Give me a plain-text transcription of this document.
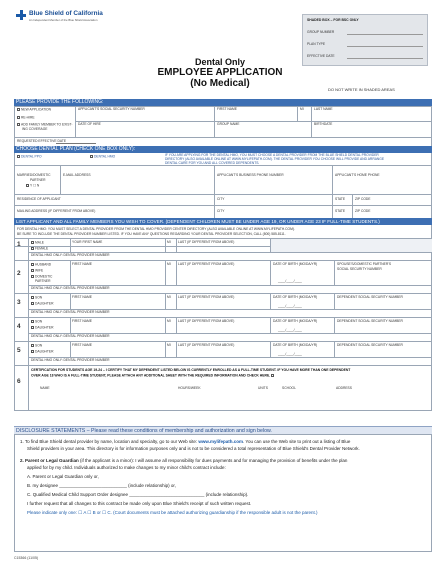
Blue Shield of California
An Independent Member of the Blue Shield Association	SHADED BOX – FOR BSC ONLY
GROUP NUMBER
PLAN TYPE
EFFECTIVE DATE
Dental Only
EMPLOYEE APPLICATION
(No Medical)
DO NOT WRITE IN SHADED AREAS
PLEASE PROVIDE THE FOLLOWING:
NEW APPLICATION
RE-HIRE
ADD FAMILY MEMBER TO EXIST-
ING COVERAGE
APPLICANT'S SOCIAL SECURITY NUMBER	FIRST NAME	MI	LAST NAME
DATE OF HIRE	GROUP NAME	BIRTHDATE
REQUESTED EFFECTIVE DATE
CHOOSE DENTAL PLAN (CHECK ONE BOX ONLY):
DENTAL PPO	DENTAL HMO	IF YOU ARE APPLYING FOR THE DENTAL HMO, YOU MUST CHOOSE A DENTAL PROVIDER FROM THE BLUE SHIELD DENTAL PROVIDER
DIRECTORY (ALSO AVAILABLE ONLINE AT WWW.MYLIFEPATH.COM). THE DENTAL PROVIDER YOU CHOOSE WILL PROVIDE AND ARRANGE
DENTAL CARE FOR YOU AND ALL COVERED DEPENDENTS.
MARRIED/DOMESTIC
PARTNER
Y ☐ N
E-MAIL ADDRESS	APPLICANT'S BUSINESS PHONE NUMBER	APPLICANT'S HOME PHONE
RESIDENCE OF APPLICANT	CITY	STATE	ZIP CODE
MAILING ADDRESS (IF DIFFERENT FROM ABOVE)	CITY	STATE	ZIP CODE
LIST APPLICANT AND ALL FAMILY MEMBERS YOU WISH TO COVER. (DEPENDENT CHILDREN MUST BE UNDER AGE 19, OR UNDER AGE 23 IF FULL-TIME STUDENTS.)
FOR DENTAL HMO: YOU MUST SELECT A DENTAL PROVIDER FROM THE DENTAL HMO PROVIDER CENTER DIRECTORY (ALSO AVAILABLE ONLINE AT WWW.MYLIFEPATH.COM).
BE SURE TO INCLUDE THE DENTAL PROVIDER NUMBER LISTED. IF YOU HAVE ANY QUESTIONS REGARDING YOUR DENTAL PROVIDER SELECTION, CALL (800) 585-8111.
1	MALE
FEMALE
YOUR FIRST NAME	MI LAST (IF DIFFERENT FROM ABOVE)
DENTAL HMO ONLY: DENTAL PROVIDER NUMBER
2
HUSBAND
WIFE
DOMESTIC
PARTNER
FIRST NAME	MI LAST (IF DIFFERENT FROM ABOVE)	DATE OF BIRTH (MO/DA/YR)
____/____/____
SPOUSE'S/DOMESTIC PARTNER'S
SOCIAL SECURITY NUMBER
DENTAL HMO ONLY: DENTAL PROVIDER NUMBER
3
SON
DAUGHTER
FIRST NAME	MI LAST (IF DIFFERENT FROM ABOVE)	DATE OF BIRTH (MO/DA/YR)
____/____/____
DEPENDENT SOCIAL SECURITY NUMBER
DENTAL HMO ONLY: DENTAL PROVIDER NUMBER
4
SON
DAUGHTER
FIRST NAME	MI LAST (IF DIFFERENT FROM ABOVE)	DATE OF BIRTH (MO/DA/YR)
____/____/____
DEPENDENT SOCIAL SECURITY NUMBER
DENTAL HMO ONLY: DENTAL PROVIDER NUMBER
5
SON
DAUGHTER
FIRST NAME	MI LAST (IF DIFFERENT FROM ABOVE)	DATE OF BIRTH (MO/DA/YR)
____/____/____
DEPENDENT SOCIAL SECURITY NUMBER
DENTAL HMO ONLY: DENTAL PROVIDER NUMBER
6
CERTIFICATION FOR STUDENTS AGE 19-24 – I CERTIFY THAT MY DEPENDENT LISTED BELOW IS CURRENTLY ENROLLED AS A FULL-TIME STUDENT. IF YOU HAVE MORE THAN ONE DEPENDENT
OVER AGE 18 WHO IS A FULL-TIME STUDENT, PLEASE ATTACH ANY ADDITIONAL SHEET WITH THE REQUIRED INFORMATION AND CHECK HERE.
NAME	HOURS/WEEK	UNITS	SCHOOL	ADDRESS
DISCLOSURE STATEMENTS – Please read these conditions of membership and authorization and sign below.
1. To find Blue Shield dental provider by name, location and specialty, go to our Web site: www.mylifepath.com. You can use the Web site to print out a listing of Blue
Shield providers in your area. This directory is for information purposes only and is not to be considered a total representation of Blue Shield's Dental Provider Network.
2. Parent or Legal Guardian (if the applicant is a minor): I will assume all responsibility for dues payments and for managing the provision of benefits under the plan
applied for by my child. Individuals authorized to make changes to my minor child's contract include:
A. Parent or Legal Guardian only or,
B. my designee ___________________________ (include relationship) or,
C. Qualified Medical Child Support Order designee ______________________________ (include relationship).
I further request that all changes to this contract be made only upon Blue Shield's receipt of such written request.
Please indicate only one: ☐ A ☐ B or ☐ C. (Court documents must be attached authorizing guardianship if the responsible adult is not the parent.)
C15366 (11/05)
